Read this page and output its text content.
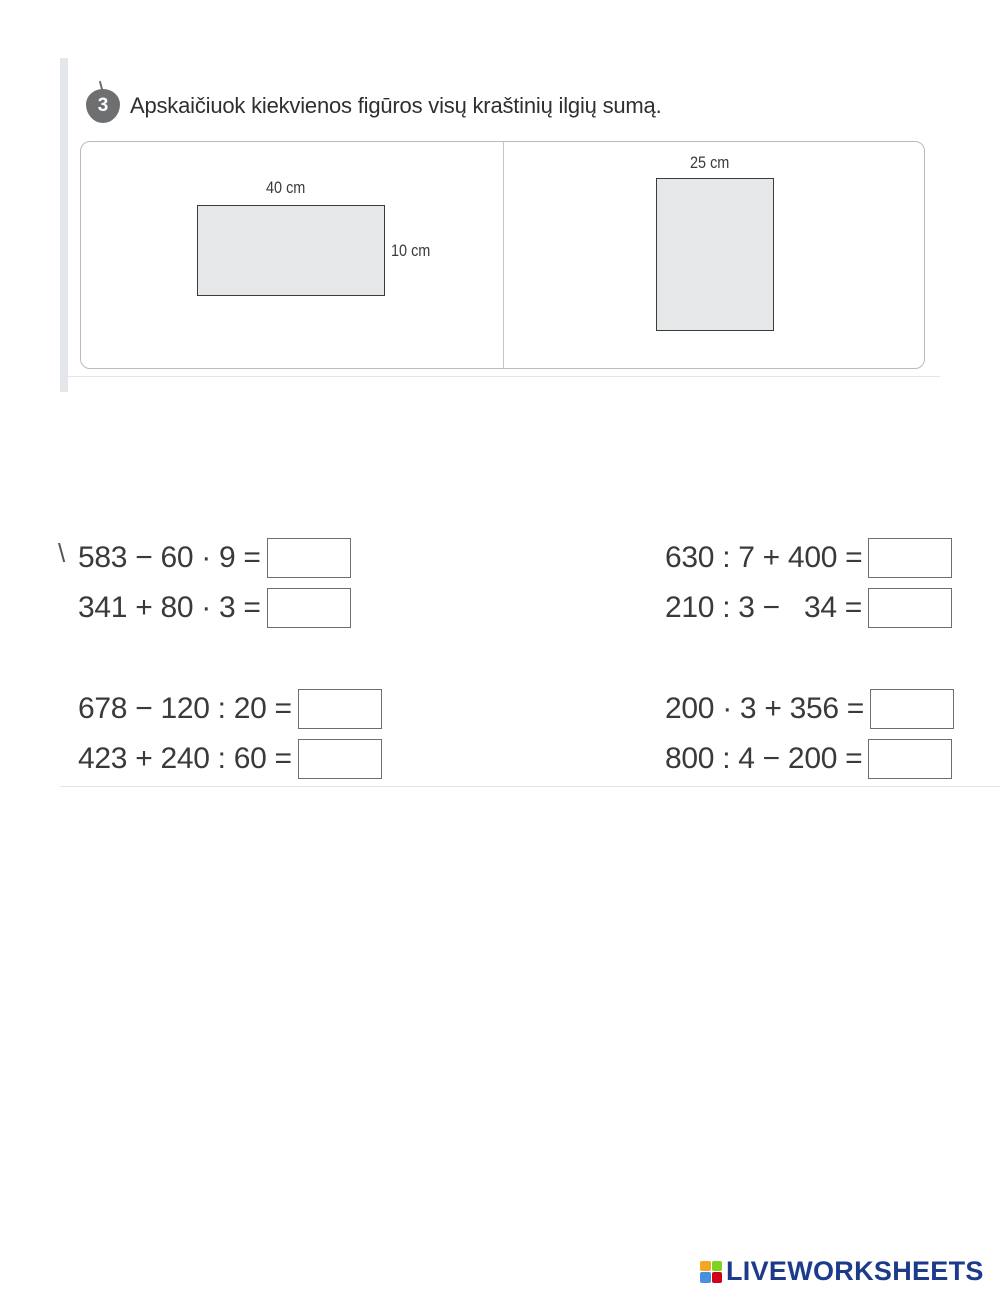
3 Apskaičiuok kiekvienos figūros visų kraštinių ilgių sumą.
40 cm
10 cm
25 cm
\ 583 − 60 · 9 =
341 + 80 · 3 =
678 − 120 : 20 =
423 + 240 : 60 =
630 : 7 + 400 =
210 : 3 −   34 =
200 · 3 + 356 =
800 : 4 − 200 =
LIVEWORKSHEETS
